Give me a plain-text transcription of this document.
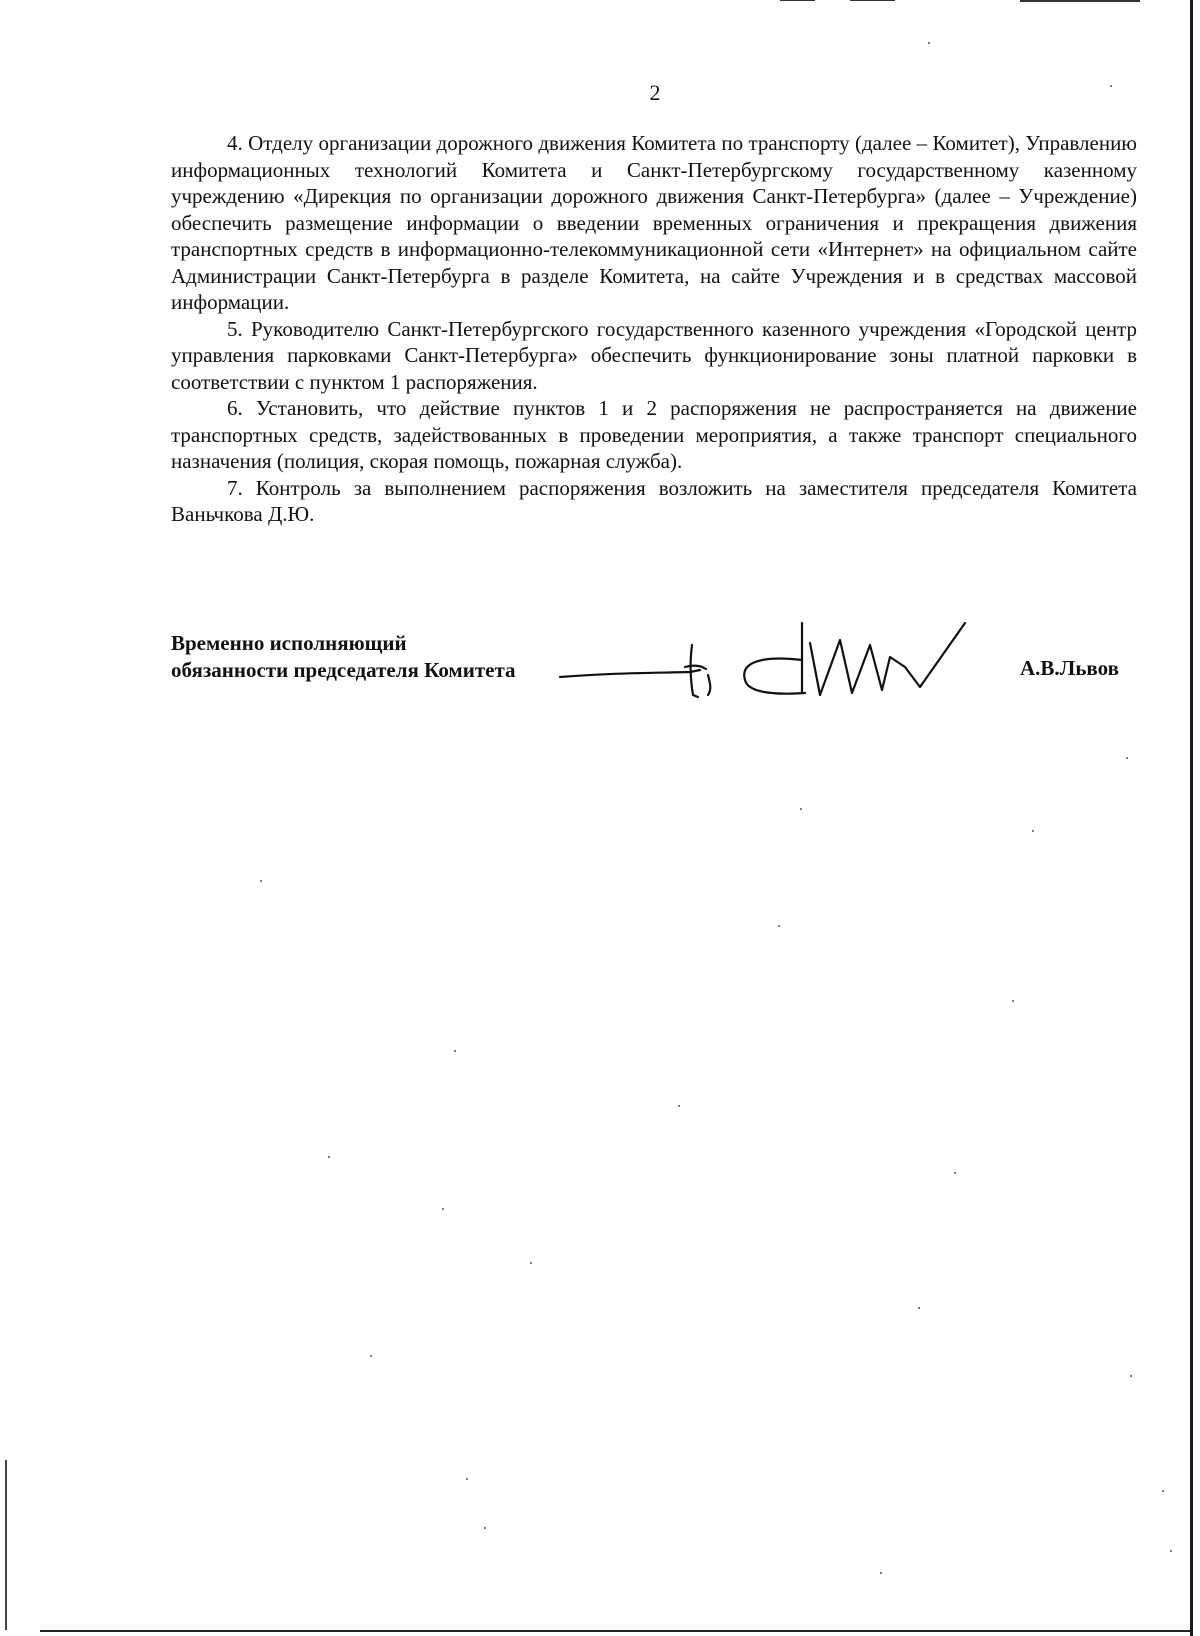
2

4. Отделу организации дорожного движения Комитета по транспорту (далее – Комитет), Управлению информационных технологий Комитета и Санкт-Петербургскому государственному казенному учреждению «Дирекция по организации дорожного движения Санкт-Петербурга» (далее – Учреждение) обеспечить размещение информации о введении временных ограничения и прекращения движения транспортных средств в информационно-телекоммуникационной сети «Интернет» на официальном сайте Администрации Санкт-Петербурга в разделе Комитета, на сайте Учреждения и в средствах массовой информации.

5. Руководителю Санкт-Петербургского государственного казенного учреждения «Городской центр управления парковками Санкт-Петербурга» обеспечить функционирование зоны платной парковки в соответствии с пунктом 1 распоряжения.

6. Установить, что действие пунктов 1 и 2 распоряжения не распространяется на движение транспортных средств, задействованных в проведении мероприятия, а также транспорт специального назначения (полиция, скорая помощь, пожарная служба).

7. Контроль за выполнением распоряжения возложить на заместителя председателя Комитета Ваньчкова Д.Ю.

Временно исполняющий
обязанности председателя Комитета	А.В.Львов
